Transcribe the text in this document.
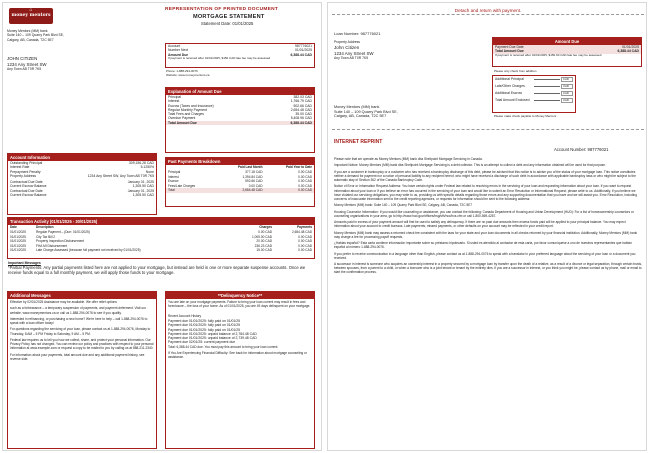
⌂
money mentors
REPRESENTATION OF PRINTED DOCUMENT
MORTGAGE STATEMENT
Statement Date: 01/01/2025
Money Mentors (MM) bank
Suite 140 – 109 Quarry Park Blvd SE,
Calgary, AB, Canada, T2C 5E7
Account	987776021
Number Next	01/01/2025
Amount Due	6,388.44 CAD
If payment is received after 01/01/2025, $150 CAD late fee may be assessed
Phone: 1-888-294-0076
Website: www.moneymentors.ca
JOHN CITIZEN
1234 Any Street SW
Any Town AB T0R 7K5
Explanation of Amount Due
Principal	382.03 CAD
Interest	1,766.79 CAD
Escrow (Taxes and Insurance)	502.66 CAD
Regular Monthly Payment	2,654.48 CAD
Total Fees and Charges	35.00 CAD
Overdue Payment	5,408.96 CAD
Total Amount Due	6,388.44 CAD
Account Information
Outstanding Principal	309,156.28 CAD
Interest Rate	5.1250%
Prepayment Penalty	None
Property Address	1234 Any Street SW, Any Town AB T0R 7K5
Contractual Due Date	January 01, 2025
Current Escrow Balance	1,305.50 CAD
Contractual Due Date	January 01, 2025
Current Escrow Balance	1,305.50 CAD
Past Payments Breakdown
	Paid Last Month	Paid Year to Date
Principal	377.18 CAD	0.00 CAD
Interest	1,394.84 CAD	0.00 CAD
Escrow	592.66 CAD	0.00 CAD
Fees/Late Charges	0.00 CAD	0.00 CAD
Total	2,654.48 CAD	0.00 CAD
Transaction Activity (01/01/2025 - 30/01/2025)
Date	Description	Charges	Payments
01/01/2025	Regular Payment – (Due: 01/01/2025)	0.00 CAD	2,654.48 CAD
01/01/2025	City Tax Bill 2	1,005.00 CAD	0.00 CAD
01/01/2025	Property Inspection Disbursement	20.00 CAD	0.00 CAD
01/01/2025	FHA MI Disbursement	236.23 CAD	0.00 CAD
01/01/2025	Late Charge Assessed (because full payment not received by 01/01/2025)	15.00 CAD	0.00 CAD
Important Messages
*Partial Payments: Any partial payments listed here are not applied to your mortgage, but instead are held in one or more separate suspense accounts. Once we receive funds equal to a full monthly payment, we will apply those funds to your mortgage.
Additional Messages
Effective by 02/01/2025 Assistance may be available. We offer relief options
such as a forbearance – a temporary suspension of payments, and payment deferment. Visit our website, www.moneymentors.ca or call us 1-888-294-0076 to see if you qualify.
Interested in refinancing, or purchasing a new home? We're here to help – call 1-888-294-0076 to speak with a loan officer today!
For questions regarding the servicing of your loan, please contact us at 1-888-294-0076, Monday to Thursday, 8 AM – 5 PM Friday to Saturday, 9 AM – 5 PM.
Federal law requires us to tell you how we collect, share, and protect your personal information. Our Privacy Policy has not changed. You can review our policy and practices with respect to your personal information at www.example.com or request a copy to be mailed to you by calling us at 888-211-2340.
For information about your payments, total amount due and any additional payment history, see reverse side.
**Delinquency Notice**
You are late on your mortgage payments. Failure to bring your loan current may result in fees and foreclosure – the loss of your home. As of 01/01/2025, you are 49 days delinquent on your mortgage.
Recent Account History
Payment due 01/01/2025: fully paid on 01/01/25
Payment due 01/01/2025: fully paid on 01/01/25
Payment due 01/01/2025: fully paid on 01/01/25
Payment due 01/01/2025: unpaid balance of 2,784.48 CAD
Payment due 01/01/2025: unpaid balance of 2,739.48 CAD
Payment due 02/01/25: current payment due
Total: 6,388.44 CAD due. You must pay this amount to bring your loan current.
If You Are Experiencing Financial Difficulty: See back for information about mortgage counseling or assistance.
Detach and return with payment.
Loan Number: 987776021
Property Address
John Citizen
1234 Any Street SW
Any Town AB T0R 7K5
Money Mentors (MM) bank
Suite 140 – 109 Quarry Park Blvd SE,
Calgary, AB, Canada, T2C 5E7
Amount Due
Payment Due Date	01/01/2025
Total Amount Due	6,388.44 CAD
If payment is received after 01/01/2025, $150.00 CAD late fee may be assessed
Please only check from addition
Additional Principal	CAD
Late/Other Charges	CAD
Additional Escrow	CAD
Total Amount Enclosed	CAD
Please make check payable to Money Mentors
INTERNET REPRINT
Account Number: 987776021
Please note that we operate as Money Mentors (MM) bank dba Shellpoint Mortgage Servicing in Canada.
Important Notice: Money Mentors (MM) bank dba Shellpoint Mortgage Servicing is a debt collector. This is an attempt to collect a debt and any information obtained will be used for that purpose.
If you are a customer in bankruptcy or a customer who has received a bankruptcy discharge of this debt, please be advised that this notice is to advise you of the status of your mortgage loan. This notice constitutes neither a demand for payment nor a notice of personal liability to any recipient hereof, who might have received a discharge of such debt in accordance with applicable bankruptcy laws or who might be subject to the automatic stay of Section 362 of the Canada Bankruptcy Code.
Notice of Error or Information Request Address: You have certain rights under Federal law related to resolving errors in the servicing of your loan and requesting information about your loan. If you want to request information about your loan or if you believe an error has occurred in the servicing of your loan and would like to submit an Error Resolution or Informational Request, please write to us. Additionally, if you believe we have violated our servicing obligations, you may write to us, providing us with specific details regarding those errors and any supporting documentation that you have and we will assist you. Error Resolution, including concerns of inaccurate information sent to the credit reporting agencies, or requests for information should be sent to the following address:
Money Mentors (MM) bank: Suite 140 – 109 Quarry Park Blvd SE, Calgary, AB, Canada, T2C 5E7
Housing Counselor Information: If you would like counseling or assistance, you can contact the following: Canada Department of Housing and Urban Development (HUD): For a list of homeownership counselors or counseling organizations in your area, go to http://www.hud.gov/offices/hsg/sfh/hcc/hcs.cfm or call 1-800-569-4287.
Amounts paid in excess of your payment amount will first be used to satisfy any delinquency. If there are no past due amounts then excess funds paid will be applied to your principal balance. You may expect information about your account to credit bureaus. Late payments, missed payments, or other defaults on your account may be reflected in your credit report.
Money Mentors (MM) bank may assess a returned check fee consistent with the laws for your state and your loan documents in all checks returned by your financial institution. Additionally, Money Mentors (MM) bank may charge a fee for processing payoff requests.
¿Hablas español? Esta carta contiene información importante sobre su préstamo hipotecario. Si usted es atendido al contactar de esta carta, por favor comuníquese a uno de nuestros representantes que hablan español al número 1-888-294-0076.
If you prefer to receive communication in a language other than English, please contact us at 1-888-294-0076 to speak with a translator in your preferred language about the servicing of your loan or a document you received.
A successor in interest is someone who acquires an ownership interest in a property secured by a mortgage loan by transfer upon the death of a relative, as a result of a divorce or legal separation, through certain trusts, between spouses, from a parent to a child, or when a borrower who is a joint tenant or tenant by the entirety dies. If you are a successor in interest, or you think you might be, please contact us by phone, mail or email to start the confirmation process.
